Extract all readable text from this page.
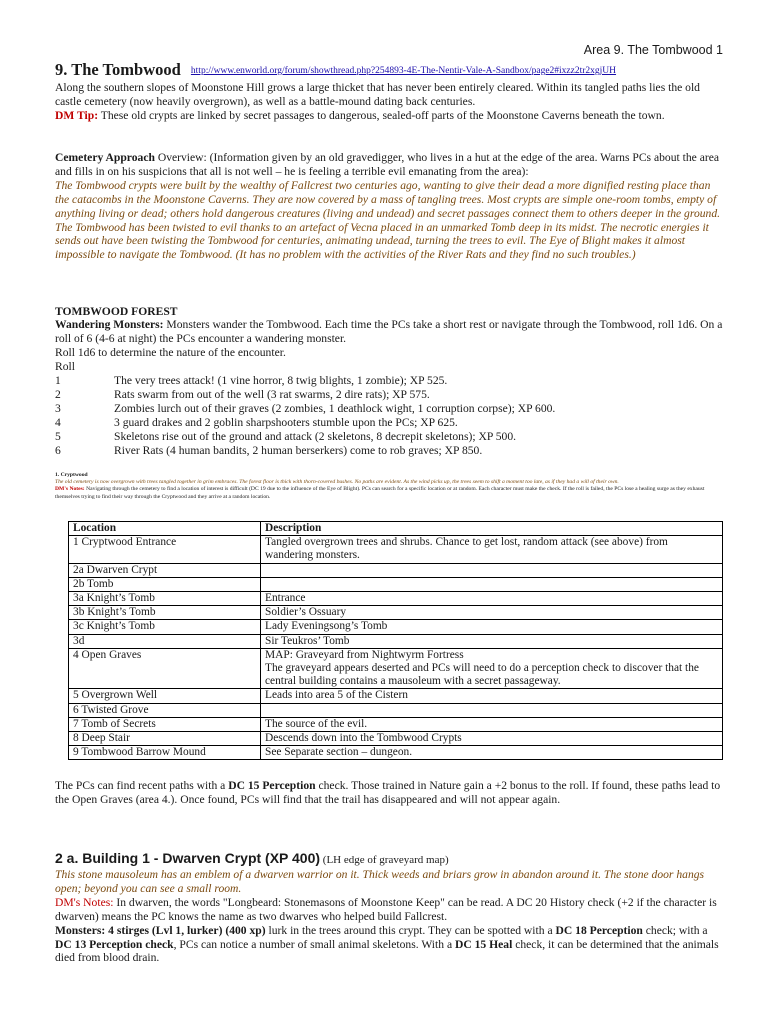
Area 9. The Tombwood 1
9. The Tombwood http://www.enworld.org/forum/showthread.php?254893-4E-The-Nentir-Vale-A-Sandbox/page2#ixzz2tr2xgjUH

Along the southern slopes of Moonstone Hill grows a large thicket that has never been entirely cleared. Within its tangled paths lies the old castle cemetery (now heavily overgrown), as well as a battle-mound dating back centuries.
DM Tip: These old crypts are linked by secret passages to dangerous, sealed-off parts of the Moonstone Caverns beneath the town.

Cemetery Approach Overview: (Information given by an old gravedigger, who lives in a hut at the edge of the area. Warns PCs about the area and fills in on his suspicions that all is not well – he is feeling a terrible evil emanating from the area):
The Tombwood crypts were built by the wealthy of Fallcrest two centuries ago, wanting to give their dead a more dignified resting place than the catacombs in the Moonstone Caverns. They are now covered by a mass of tangling trees. Most crypts are simple one-room tombs, empty of anything living or dead; others hold dangerous creatures (living and undead) and secret passages connect them to others deeper in the ground.
The Tombwood has been twisted to evil thanks to an artefact of Vecna placed in an unmarked Tomb deep in its midst. The necrotic energies it sends out have been twisting the Tombwood for centuries, animating undead, turning the trees to evil. The Eye of Blight makes it almost impossible to navigate the Tombwood. (It has no problem with the activities of the River Rats and they find no such troubles.)

TOMBWOOD FOREST

Wandering Monsters: Monsters wander the Tombwood. Each time the PCs take a short rest or navigate through the Tombwood, roll 1d6. On a roll of 6 (4-6 at night) the PCs encounter a wandering monster.
Roll 1d6 to determine the nature of the encounter.
Roll

1	The very trees attack! (1 vine horror, 8 twig blights, 1 zombie); XP 525.
2	Rats swarm from out of the well (3 rat swarms, 2 dire rats); XP 575.
3	Zombies lurch out of their graves (2 zombies, 1 deathlock wight, 1 corruption corpse); XP 600.
4	3 guard drakes and 2 goblin sharpshooters stumble upon the PCs; XP 625.
5	Skeletons rise out of the ground and attack (2 skeletons, 8 decrepit skeletons); XP 500.
6	River Rats (4 human bandits, 2 human berserkers) come to rob graves; XP 850.
1. Cryptwood
The old cemetery is now overgrown with trees tangled together in grim embraces. The forest floor is thick with thorn-covered bushes. No paths are evident. As the wind picks up, the trees seem to shift a moment too late, as if they had a will of their own.
DM's Notes: Navigating through the cemetery to find a location of interest is difficult (DC 19 due to the influence of the Eye of Blight). PCs can search for a specific location or at random. Each character must make the check. If the roll is failed, the PCs lose a healing surge as they exhaust themselves trying to find their way through the Cryptwood and they arrive at a random location.
Location	Description
1 Cryptwood Entrance	Tangled overgrown trees and shrubs. Chance to get lost, random attack (see above) from wandering monsters.
2a Dwarven Crypt	
2b Tomb	
3a Knight’s Tomb	Entrance
3b Knight’s Tomb	Soldier’s Ossuary
3c Knight’s Tomb	Lady Eveningsong’s Tomb
3d	Sir Teukros’ Tomb
4 Open Graves	MAP: Graveyard from Nightwyrm Fortress
The graveyard appears deserted and PCs will need to do a perception check to discover that the central building contains a mausoleum with a secret passageway.
5 Overgrown Well	Leads into area 5 of the Cistern
6 Twisted Grove	
7 Tomb of Secrets	The source of the evil.
8 Deep Stair	Descends down into the Tombwood Crypts
9 Tombwood Barrow Mound	See Separate section – dungeon.

The PCs can find recent paths with a DC 15 Perception check. Those trained in Nature gain a +2 bonus to the roll. If found, these paths lead to the Open Graves (area 4.). Once found, PCs will find that the trail has disappeared and will not appear again.

2 a. Building 1 - Dwarven Crypt (XP 400) (LH edge of graveyard map)

This stone mausoleum has an emblem of a dwarven warrior on it. Thick weeds and briars grow in abandon around it. The stone door hangs open; beyond you can see a small room.
DM's Notes: In dwarven, the words "Longbeard: Stonemasons of Moonstone Keep" can be read. A DC 20 History check (+2 if the character is dwarven) means the PC knows the name as two dwarves who helped build Fallcrest.
Monsters: 4 stirges (Lvl 1, lurker) (400 xp) lurk in the trees around this crypt. They can be spotted with a DC 18 Perception check; with a DC 13 Perception check, PCs can notice a number of small animal skeletons. With a DC 15 Heal check, it can be determined that the animals died from blood drain.
